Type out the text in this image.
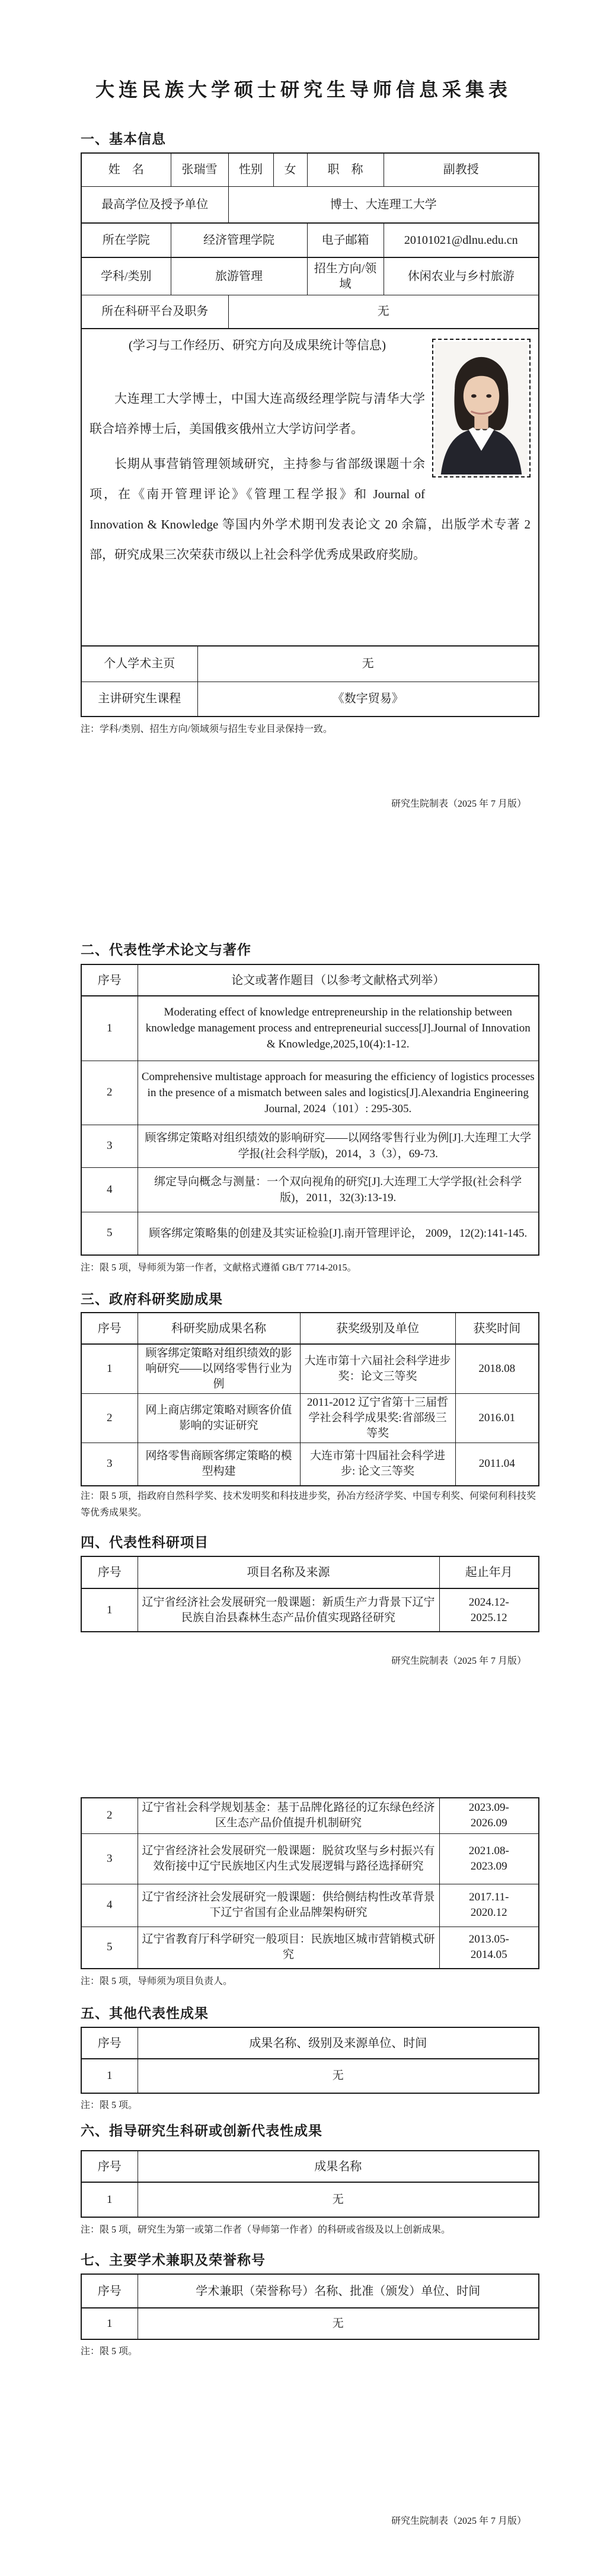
大连民族大学硕士研究生导师信息采集表
一、基本信息
姓　名	张瑞雪		性别	女	职　称	副教授
最高学位及授予单位			博士、大连理工大学			
所在学院	经济管理学院				电子邮箱	20101021@dlnu.edu.cn
学科/类别	旅游管理				招生方向/领域	休闲农业与乡村旅游
所在科研平台及职务			无			

(学习与工作经历、研究方向及成果统计等信息)

大连理工大学博士，中国大连高级经理学院与清华大学联合培养博士后，美国俄亥俄州立大学访问学者。

长期从事营销管理领域研究，主持参与省部级课题十余项，在《南开管理评论》《管理工程学报》和 Journal of Innovation & Knowledge 等国内外学术期刊发表论文 20 余篇，出版学术专著 2 部，研究成果三次荣获市级以上社会科学优秀成果政府奖励。						

个人学术主页		无				
主讲研究生课程		《数字贸易》				
注：学科/类别、招生方向/领域须与招生专业目录保持一致。
研究生院制表（2025 年 7 月版）
二、代表性学术论文与著作
序号	论文或著作题目（以参考文献格式列举）
1	Moderating effect of knowledge entrepreneurship in the relationship between knowledge management process and entrepreneurial success[J].Journal of Innovation & Knowledge,2025,10(4):1-12.
2	Comprehensive multistage approach for measuring the efficiency of logistics processes in the presence of a mismatch between sales and logistics[J].Alexandria Engineering Journal, 2024（101）: 295-305.
3	顾客绑定策略对组织绩效的影响研究——以网络零售行业为例[J].大连理工大学学报(社会科学版)，2014，3（3），69-73.
4	绑定导向概念与测量：一个双向视角的研究[J].大连理工大学学报(社会科学版)，2011，32(3):13-19.
5	顾客绑定策略集的创建及其实证检验[J].南开管理评论， 2009，12(2):141-145.
注：限 5 项，导师须为第一作者，文献格式遵循 GB/T 7714-2015。
三、政府科研奖励成果
序号	科研奖励成果名称	获奖级别及单位	获奖时间
1	顾客绑定策略对组织绩效的影响研究——以网络零售行业为例	大连市第十六届社会科学进步奖：论文三等奖	2018.08
2	网上商店绑定策略对顾客价值影响的实证研究	2011-2012 辽宁省第十三届哲学社会科学成果奖:省部级三等奖	2016.01
3	网络零售商顾客绑定策略的模型构建	大连市第十四届社会科学进步: 论文三等奖	2011.04
注：限 5 项，指政府自然科学奖、技术发明奖和科技进步奖，孙冶方经济学奖、中国专利奖、何梁何利科技奖等优秀成果奖。
四、代表性科研项目
序号	项目名称及来源	起止年月
1	辽宁省经济社会发展研究一般课题：新质生产力背景下辽宁民族自治县森林生态产品价值实现路径研究	2024.12-
2025.12
研究生院制表（2025 年 7 月版）
2	辽宁省社会科学规划基金：基于品牌化路径的辽东绿色经济区生态产品价值提升机制研究	2023.09-
2026.09

3	辽宁省经济社会发展研究一般课题：脱贫攻坚与乡村振兴有效衔接中辽宁民族地区内生式发展逻辑与路径选择研究	2021.08-
2023.09

4	辽宁省经济社会发展研究一般课题：供给侧结构性改革背景下辽宁省国有企业品牌架构研究	2017.11-
2020.12

5	辽宁省教育厅科学研究一般项目：民族地区城市营销模式研究	2013.05-
2014.05
注：限 5 项，导师须为项目负责人。
五、其他代表性成果
序号	成果名称、级别及来源单位、时间
1	无
注：限 5 项。
六、指导研究生科研或创新代表性成果
序号	成果名称
1	无
注：限 5 项，研究生为第一或第二作者（导师第一作者）的科研或省级及以上创新成果。
七、主要学术兼职及荣誉称号
序号	学术兼职（荣誉称号）名称、批准（颁发）单位、时间
1	无
注：限 5 项。
研究生院制表（2025 年 7 月版）
